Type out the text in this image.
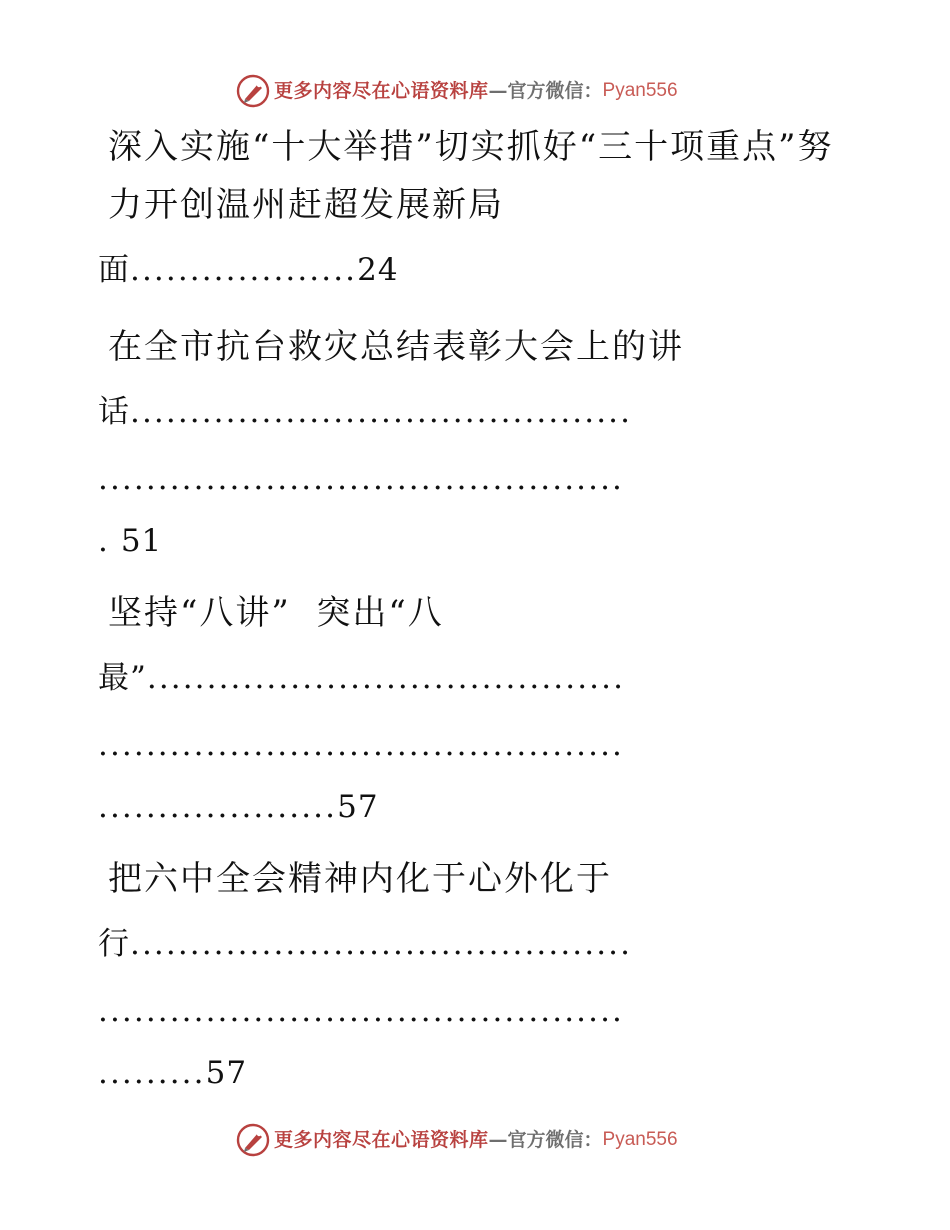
更多内容尽在心语资料库 —官方微信： Pyan556
深入实施“十大举措”切实抓好“三十项重点”努力开创温州赶超发展新局
面...................24
在全市抗台救灾总结表彰大会上的讲
话..........................................
............................................
. 51
坚持“八讲”  突出“八
最”........................................
............................................
....................57
把六中全会精神内化于心外化于
行..........................................
............................................
.........57
更多内容尽在心语资料库 —官方微信： Pyan556
